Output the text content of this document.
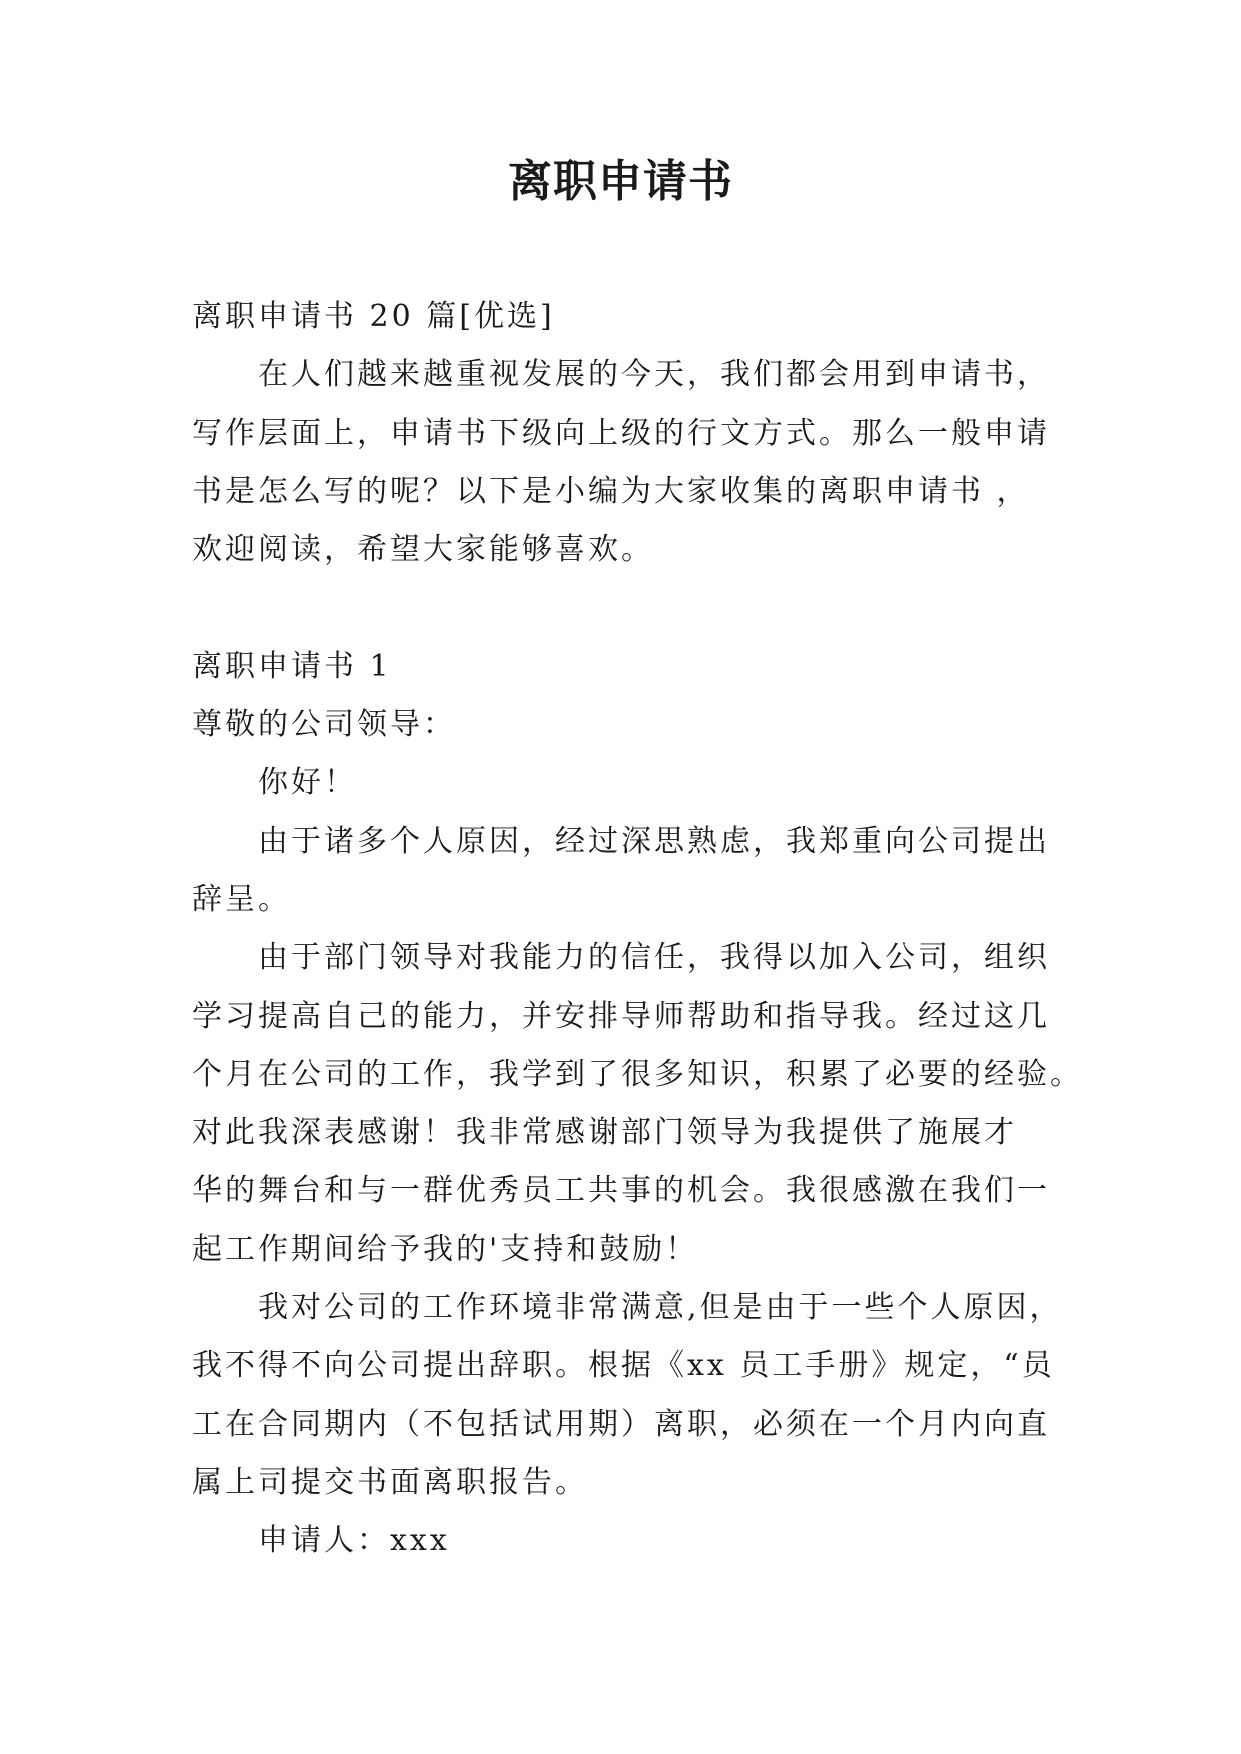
离职申请书
离职申请书 20 篇[优选]
在人们越来越重视发展的今天，我们都会用到申请书，
写作层面上，申请书下级向上级的行文方式。那么一般申请
书是怎么写的呢？以下是小编为大家收集的离职申请书 ，
欢迎阅读，希望大家能够喜欢。
离职申请书 1
尊敬的公司领导：
你好！
由于诸多个人原因，经过深思熟虑，我郑重向公司提出
辞呈。
由于部门领导对我能力的信任，我得以加入公司，组织
学习提高自己的能力，并安排导师帮助和指导我。经过这几
个月在公司的工作，我学到了很多知识，积累了必要的经验。
对此我深表感谢！我非常感谢部门领导为我提供了施展才
华的舞台和与一群优秀员工共事的机会。我很感激在我们一
起工作期间给予我的'支持和鼓励！
我对公司的工作环境非常满意,但是由于一些个人原因，
我不得不向公司提出辞职。根据《xx 员工手册》规定，“员
工在合同期内（不包括试用期）离职，必须在一个月内向直
属上司提交书面离职报告。
申请人：xxx
